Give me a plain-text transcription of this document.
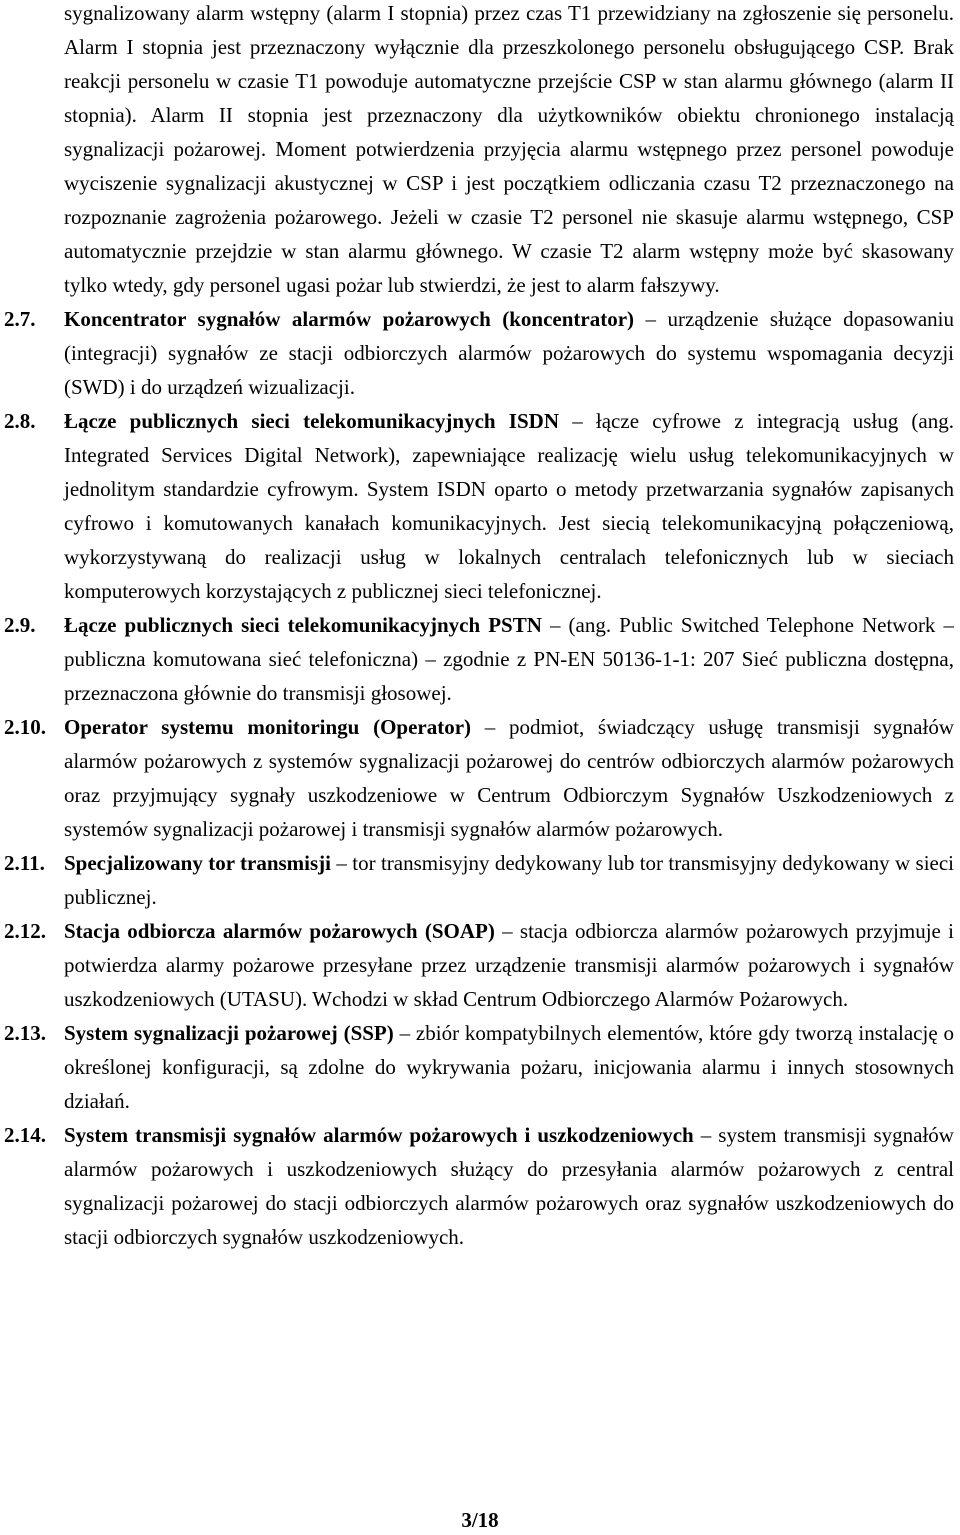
sygnalizowany alarm wstępny (alarm I stopnia) przez czas T1 przewidziany na zgłoszenie się personelu. Alarm I stopnia jest przeznaczony wyłącznie dla przeszkolonego personelu obsługującego CSP. Brak reakcji personelu w czasie T1 powoduje automatyczne przejście CSP w stan alarmu głównego (alarm II stopnia). Alarm II stopnia jest przeznaczony dla użytkowników obiektu chronionego instalacją sygnalizacji pożarowej. Moment potwierdzenia przyjęcia alarmu wstępnego przez personel powoduje wyciszenie sygnalizacji akustycznej w CSP i jest początkiem odliczania czasu T2 przeznaczonego na rozpoznanie zagrożenia pożarowego. Jeżeli w czasie T2 personel nie skasuje alarmu wstępnego, CSP automatycznie przejdzie w stan alarmu głównego. W czasie T2 alarm wstępny może być skasowany tylko wtedy, gdy personel ugasi pożar lub stwierdzi, że jest to alarm fałszywy.

2.7.	Koncentrator sygnałów alarmów pożarowych (koncentrator) – urządzenie służące dopasowaniu (integracji) sygnałów ze stacji odbiorczych alarmów pożarowych do systemu wspomagania decyzji (SWD) i do urządzeń wizualizacji.
2.8.	Łącze publicznych sieci telekomunikacyjnych ISDN – łącze cyfrowe z integracją usług (ang. Integrated Services Digital Network), zapewniające realizację wielu usług telekomunikacyjnych w jednolitym standardzie cyfrowym. System ISDN oparto o metody przetwarzania sygnałów zapisanych cyfrowo i komutowanych kanałach komunikacyjnych. Jest siecią telekomunikacyjną połączeniową, wykorzystywaną do realizacji usług w lokalnych centralach telefonicznych lub w sieciach komputerowych korzystających z publicznej sieci telefonicznej.
2.9.	Łącze publicznych sieci telekomunikacyjnych PSTN – (ang. Public Switched Telephone Network – publiczna komutowana sieć telefoniczna) – zgodnie z PN-EN 50136-1-1: 207 Sieć publiczna dostępna, przeznaczona głównie do transmisji głosowej.
2.10. Operator systemu monitoringu (Operator) – podmiot, świadczący usługę transmisji sygnałów alarmów pożarowych z systemów sygnalizacji pożarowej do centrów odbiorczych alarmów pożarowych oraz przyjmujący sygnały uszkodzeniowe w Centrum Odbiorczym Sygnałów Uszkodzeniowych z systemów sygnalizacji pożarowej i transmisji sygnałów alarmów pożarowych.
2.11. Specjalizowany tor transmisji – tor transmisyjny dedykowany lub tor transmisyjny dedykowany w sieci publicznej.
2.12. Stacja odbiorcza alarmów pożarowych (SOAP) – stacja odbiorcza alarmów pożarowych przyjmuje i potwierdza alarmy pożarowe przesyłane przez urządzenie transmisji alarmów pożarowych i sygnałów uszkodzeniowych (UTASU). Wchodzi w skład Centrum Odbiorczego Alarmów Pożarowych.
2.13. System sygnalizacji pożarowej (SSP) – zbiór kompatybilnych elementów, które gdy tworzą instalację o określonej konfiguracji, są zdolne do wykrywania pożaru, inicjowania alarmu i innych stosownych działań.
2.14. System transmisji sygnałów alarmów pożarowych i uszkodzeniowych – system transmisji sygnałów alarmów pożarowych i uszkodzeniowych służący do przesyłania alarmów pożarowych z central sygnalizacji pożarowej do stacji odbiorczych alarmów pożarowych oraz sygnałów uszkodzeniowych do stacji odbiorczych sygnałów uszkodzeniowych.
3/18
